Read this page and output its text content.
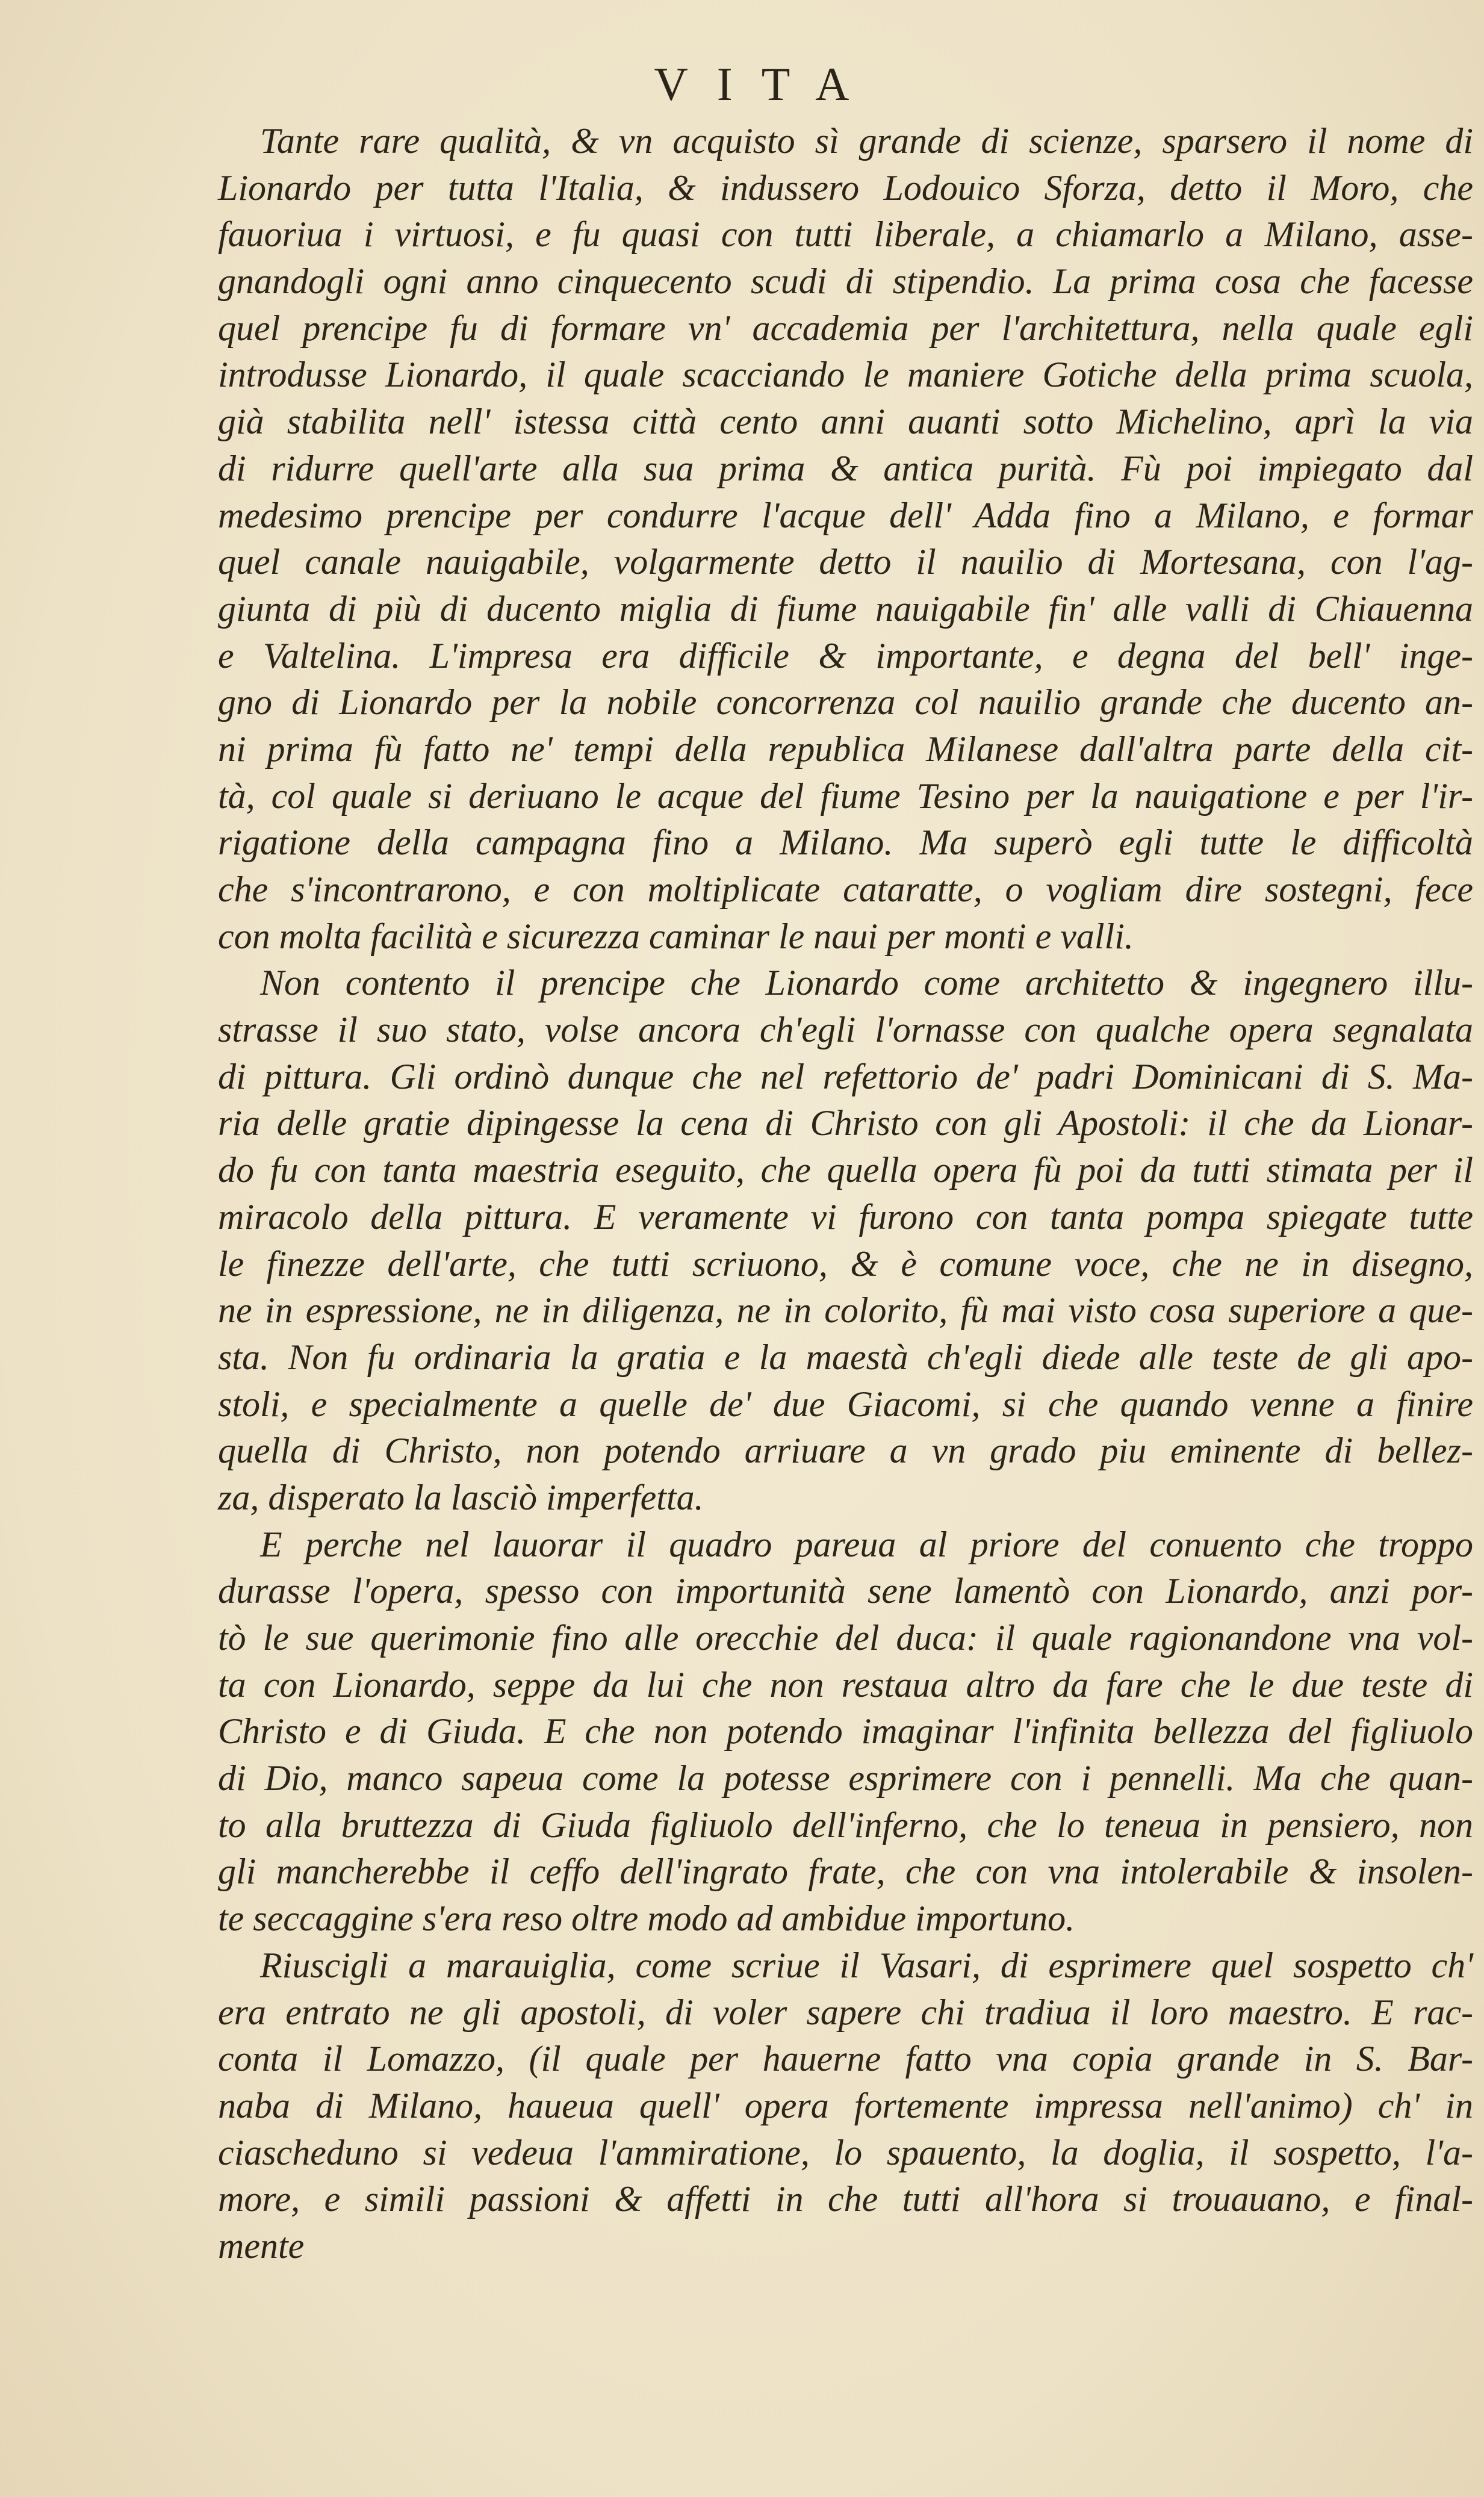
VITA
Tante rare qualità, & vn acquisto sì grande di scienze, sparsero il nome di
Lionardo per tutta l'Italia, & indussero Lodouico Sforza, detto il Moro, che
fauoriua i virtuosi, e fu quasi con tutti liberale, a chiamarlo a Milano, asse-
gnandogli ogni anno cinquecento scudi di stipendio. La prima cosa che facesse
quel prencipe fu di formare vn' accademia per l'architettura, nella quale egli
introdusse Lionardo, il quale scacciando le maniere Gotiche della prima scuola,
già stabilita nell' istessa città cento anni auanti sotto Michelino, aprì la via
di ridurre quell'arte alla sua prima & antica purità. Fù poi impiegato dal
medesimo prencipe per condurre l'acque dell' Adda fino a Milano, e formar
quel canale nauigabile, volgarmente detto il nauilio di Mortesana, con l'ag-
giunta di più di ducento miglia di fiume nauigabile fin' alle valli di Chiauenna
e Valtelina. L'impresa era difficile & importante, e degna del bell' inge-
gno di Lionardo per la nobile concorrenza col nauilio grande che ducento an-
ni prima fù fatto ne' tempi della republica Milanese dall'altra parte della cit-
tà, col quale si deriuano le acque del fiume Tesino per la nauigatione e per l'ir-
rigatione della campagna fino a Milano. Ma superò egli tutte le difficoltà
che s'incontrarono, e con moltiplicate cataratte, o vogliam dire sostegni, fece
con molta facilità e sicurezza caminar le naui per monti e valli.
Non contento il prencipe che Lionardo come architetto & ingegnero illu-
strasse il suo stato, volse ancora ch'egli l'ornasse con qualche opera segnalata
di pittura. Gli ordinò dunque che nel refettorio de' padri Dominicani di S. Ma-
ria delle gratie dipingesse la cena di Christo con gli Apostoli: il che da Lionar-
do fu con tanta maestria eseguito, che quella opera fù poi da tutti stimata per il
miracolo della pittura. E veramente vi furono con tanta pompa spiegate tutte
le finezze dell'arte, che tutti scriuono, & è comune voce, che ne in disegno,
ne in espressione, ne in diligenza, ne in colorito, fù mai visto cosa superiore a que-
sta. Non fu ordinaria la gratia e la maestà ch'egli diede alle teste de gli apo-
stoli, e specialmente a quelle de' due Giacomi, si che quando venne a finire
quella di Christo, non potendo arriuare a vn grado piu eminente di bellez-
za, disperato la lasciò imperfetta.
E perche nel lauorar il quadro pareua al priore del conuento che troppo
durasse l'opera, spesso con importunità sene lamentò con Lionardo, anzi por-
tò le sue querimonie fino alle orecchie del duca: il quale ragionandone vna vol-
ta con Lionardo, seppe da lui che non restaua altro da fare che le due teste di
Christo e di Giuda. E che non potendo imaginar l'infinita bellezza del figliuolo
di Dio, manco sapeua come la potesse esprimere con i pennelli. Ma che quan-
to alla bruttezza di Giuda figliuolo dell'inferno, che lo teneua in pensiero, non
gli mancherebbe il ceffo dell'ingrato frate, che con vna intolerabile & insolen-
te seccaggine s'era reso oltre modo ad ambidue importuno.
Riuscigli a marauiglia, come scriue il Vasari, di esprimere quel sospetto ch'
era entrato ne gli apostoli, di voler sapere chi tradiua il loro maestro. E rac-
conta il Lomazzo, (il quale per hauerne fatto vna copia grande in S. Bar-
naba di Milano, haueua quell' opera fortemente impressa nell'animo) ch' in
ciascheduno si vedeua l'ammiratione, lo spauento, la doglia, il sospetto, l'a-
more, e simili passioni & affetti in che tutti all'hora si trouauano, e final-
mente
